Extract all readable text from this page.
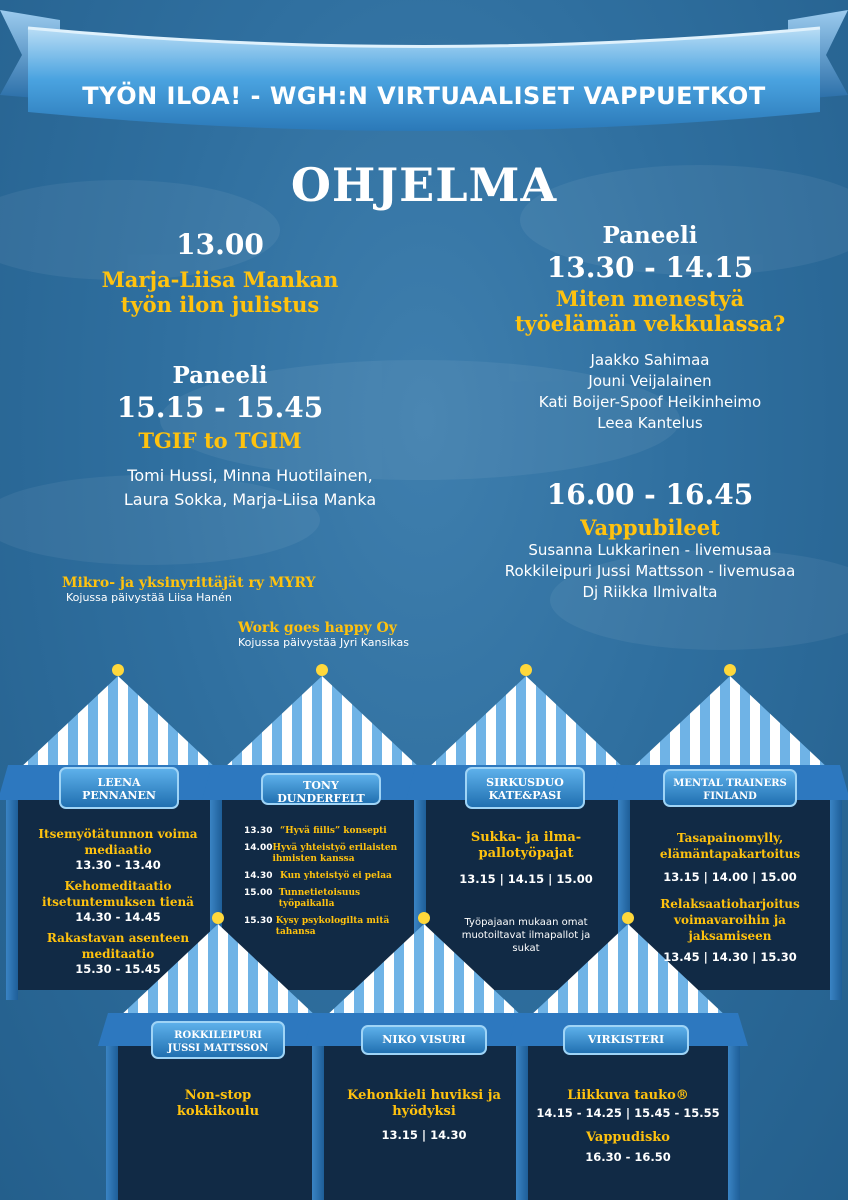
TYÖN ILOA! - WGH:N VIRTUAALISET VAPPUETKOT
OHJELMA
13.00
Marja-Liisa Mankan
työn ilon julistus
Paneeli
15.15 - 15.45
TGIF to TGIM
Tomi Hussi, Minna Huotilainen,
Laura Sokka, Marja-Liisa Manka
Paneeli
13.30 - 14.15
Miten menestyä
työelämän vekkulassa?
Jaakko Sahimaa
Jouni Veijalainen
Kati Boijer-Spoof Heikinheimo
Leea Kantelus
16.00 - 16.45
Vappubileet
Susanna Lukkarinen - livemusaa
Rokkileipuri Jussi Mattsson - livemusaa
Dj Riikka Ilmivalta
Mikro- ja yksinyrittäjät ry MYRY
Kojussa päivystää Liisa Hanén
Work goes happy Oy
Kojussa päivystää Jyri Kansikas
LEENA
PENNANEN
TONY
DUNDERFELT
SIRKUSDUO
KATE&PASI
MENTAL TRAINERS
FINLAND
ROKKILEIPURI
JUSSI MATTSSON
NIKO VISURI	VIRKISTERI
Itsemyötätunnon voima mediaatio
13.30 - 13.40
Kehomeditaatio itsetuntemuksen tienä
14.30 - 14.45
Rakastavan asenteen meditaatio
15.30 - 15.45
13.30 “Hyvä fiilis” konsepti
14.00 Hyvä yhteistyö erilaisten ihmisten kanssa
14.30 Kun yhteistyö ei pelaa
15.00 Tunnetietoisuus työpaikalla
15.30 Kysy psykologilta mitä tahansa
Sukka- ja ilma-pallotyöpajat
13.15 | 14.15 | 15.00
Työpajaan mukaan omat muotoiltavat ilmapallot ja sukat
Tasapainomylly, elämäntapakartoitus
13.15 | 14.00 | 15.00
Relaksaatioharjoitus voimavaroihin ja jaksamiseen
13.45 | 14.30 | 15.30
Non-stop kokkikoulu
Kehonkieli huviksi ja hyödyksi
13.15 | 14.30
Liikkuva tauko®
14.15 - 14.25 | 15.45 - 15.55
Vappudisko
16.30 - 16.50
